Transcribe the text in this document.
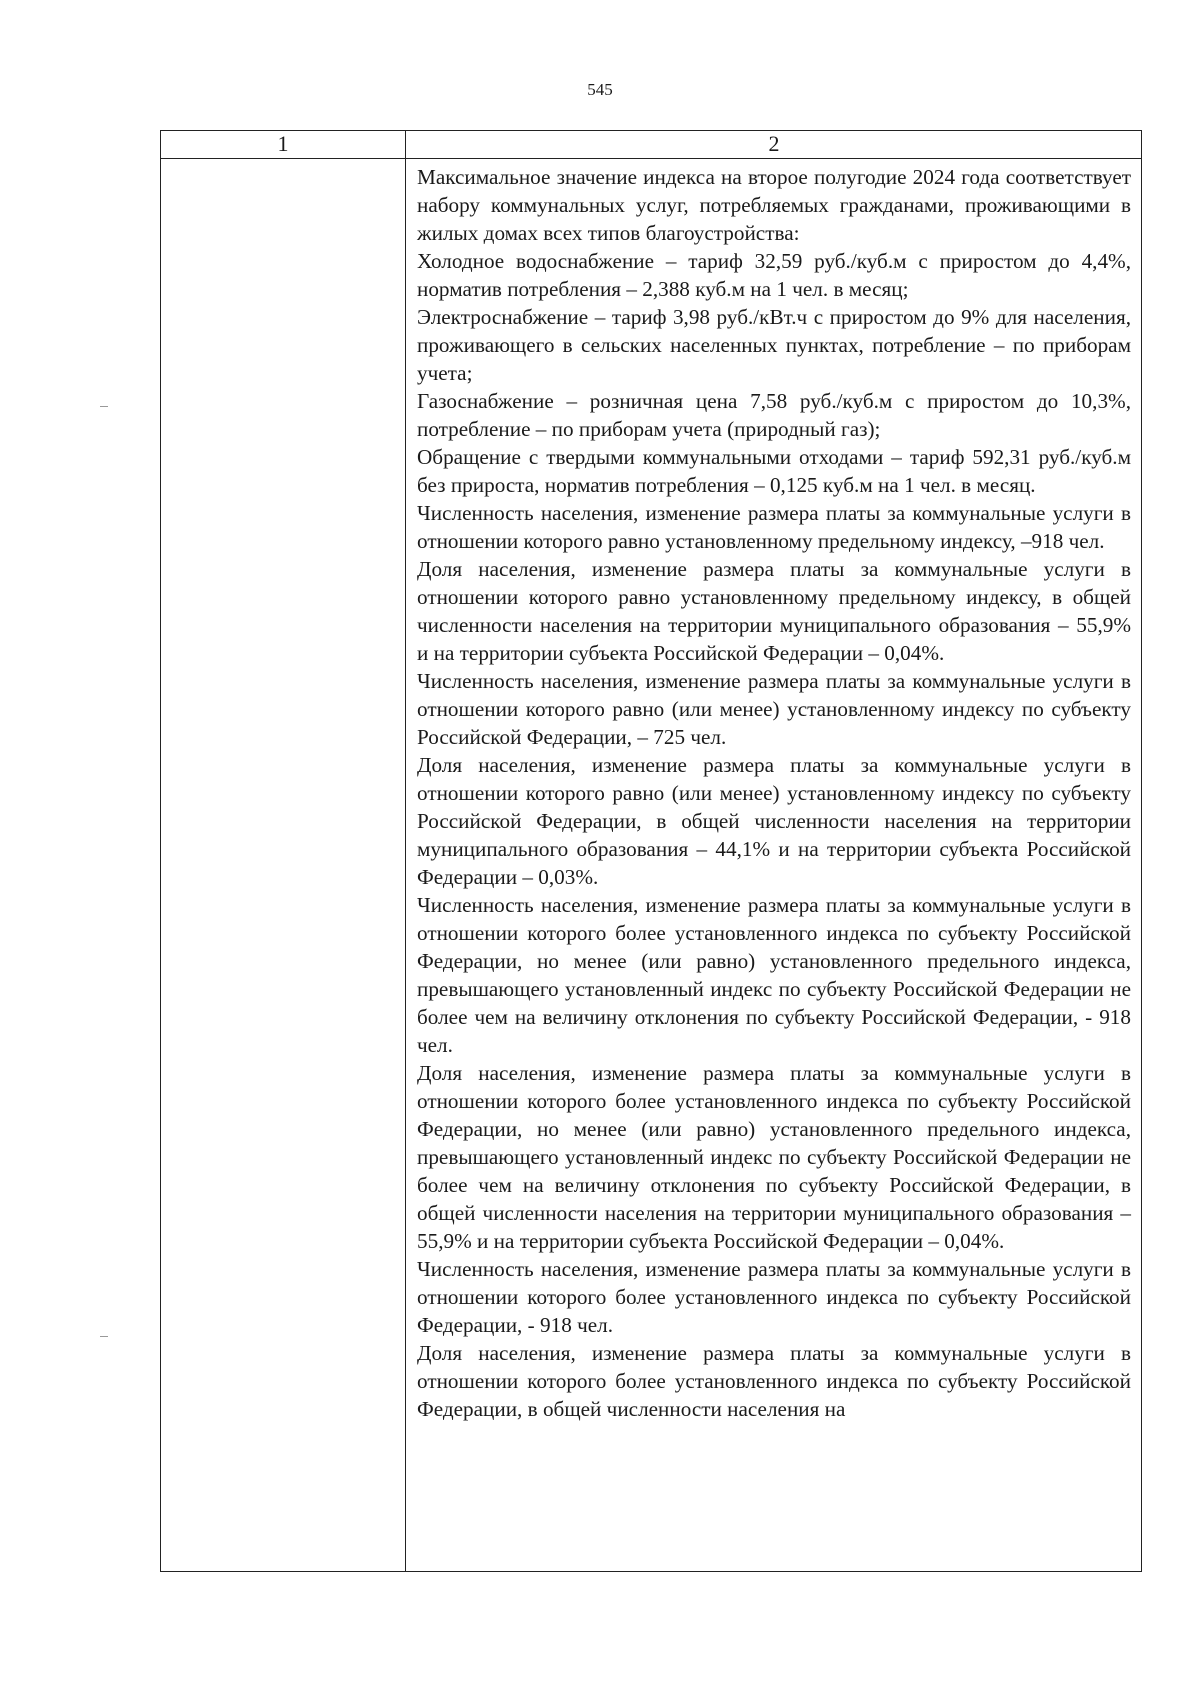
545
1	2

Максимальное значение индекса на второе полугодие 2024 года соответствует набору коммунальных услуг, потребляемых гражданами, проживающими в жилых домах всех типов благоустройства:

Холодное водоснабжение – тариф 32,59 руб./куб.м с приростом до 4,4%, норматив потребления – 2,388 куб.м на 1 чел. в месяц;

Электроснабжение – тариф 3,98 руб./кВт.ч с приростом до 9% для населения, проживающего в сельских населенных пунктах, потребление – по приборам учета;

Газоснабжение – розничная цена 7,58 руб./куб.м с приростом до 10,3%, потребление – по приборам учета (природный газ);

Обращение с твердыми коммунальными отходами – тариф 592,31 руб./куб.м без прироста, норматив потребления – 0,125 куб.м на 1 чел. в месяц.

Численность населения, изменение размера платы за коммунальные услуги в отношении которого равно установленному предельному индексу, –918 чел.

Доля населения, изменение размера платы за коммунальные услуги в отношении которого равно установленному предельному индексу, в общей численности населения на территории муниципального образования – 55,9% и на территории субъекта Российской Федерации – 0,04%.

Численность населения, изменение размера платы за коммунальные услуги в отношении которого равно (или менее) установленному индексу по субъекту Российской Федерации, – 725 чел.

Доля населения, изменение размера платы за коммунальные услуги в отношении которого равно (или менее) установленному индексу по субъекту Российской Федерации, в общей численности населения на территории муниципального образования – 44,1% и на территории субъекта Российской Федерации – 0,03%.

Численность населения, изменение размера платы за коммунальные услуги в отношении которого более установленного индекса по субъекту Российской Федерации, но менее (или равно) установленного предельного индекса, превышающего установленный индекс по субъекту Российской Федерации не более чем на величину отклонения по субъекту Российской Федерации, - 918 чел.

Доля населения, изменение размера платы за коммунальные услуги в отношении которого более установленного индекса по субъекту Российской Федерации, но менее (или равно) установленного предельного индекса, превышающего установленный индекс по субъекту Российской Федерации не более чем на величину отклонения по субъекту Российской Федерации, в общей численности населения на территории муниципального образования – 55,9% и на территории субъекта Российской Федерации – 0,04%.

Численность населения, изменение размера платы за коммунальные услуги в отношении которого более установленного индекса по субъекту Российской Федерации, - 918 чел.

Доля населения, изменение размера платы за коммунальные услуги в отношении которого более установленного индекса по субъекту Российской Федерации, в общей численности населения на
